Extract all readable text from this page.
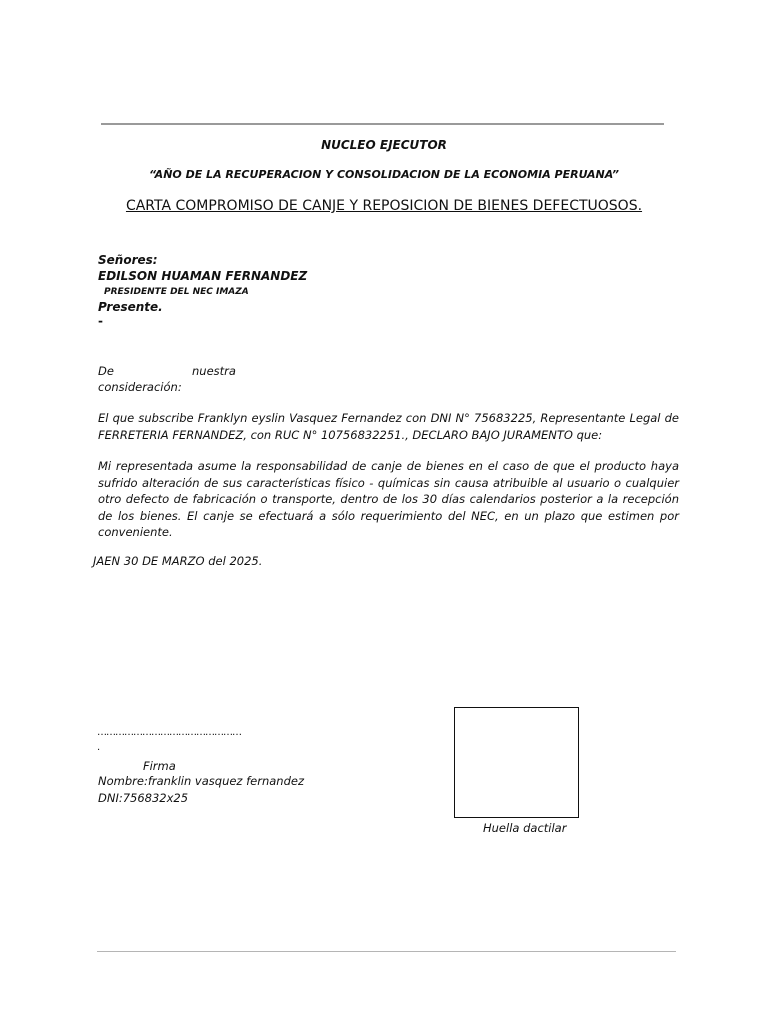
NUCLEO EJECUTOR
“AÑO DE LA RECUPERACION Y CONSOLIDACION DE LA ECONOMIA PERUANA”
CARTA COMPROMISO DE CANJE Y REPOSICION DE BIENES DEFECTUOSOS.
Señores:
EDILSON HUAMAN FERNANDEZ
PRESIDENTE DEL NEC IMAZA
Presente.
-
De	nuestra
consideración:
El que subscribe Franklyn eyslin Vasquez Fernandez con DNI N° 75683225, Representante Legal de FERRETERIA FERNANDEZ, con RUC N° 10756832251., DECLARO BAJO JURAMENTO que:
Mi representada asume la responsabilidad de canje de bienes en el caso de que el producto haya sufrido alteración de sus características físico - químicas sin causa atribuible al usuario o cualquier otro defecto de fabricación o transporte, dentro de los 30 días calendarios posterior a la recepción de los bienes. El canje se efectuará a sólo requerimiento del NEC, en un plazo que estimen por conveniente.
JAEN 30 DE MARZO del 2025.
…………………………………………
.
Firma
Nombre:franklin vasquez fernandez
DNI:756832x25
Huella dactilar
